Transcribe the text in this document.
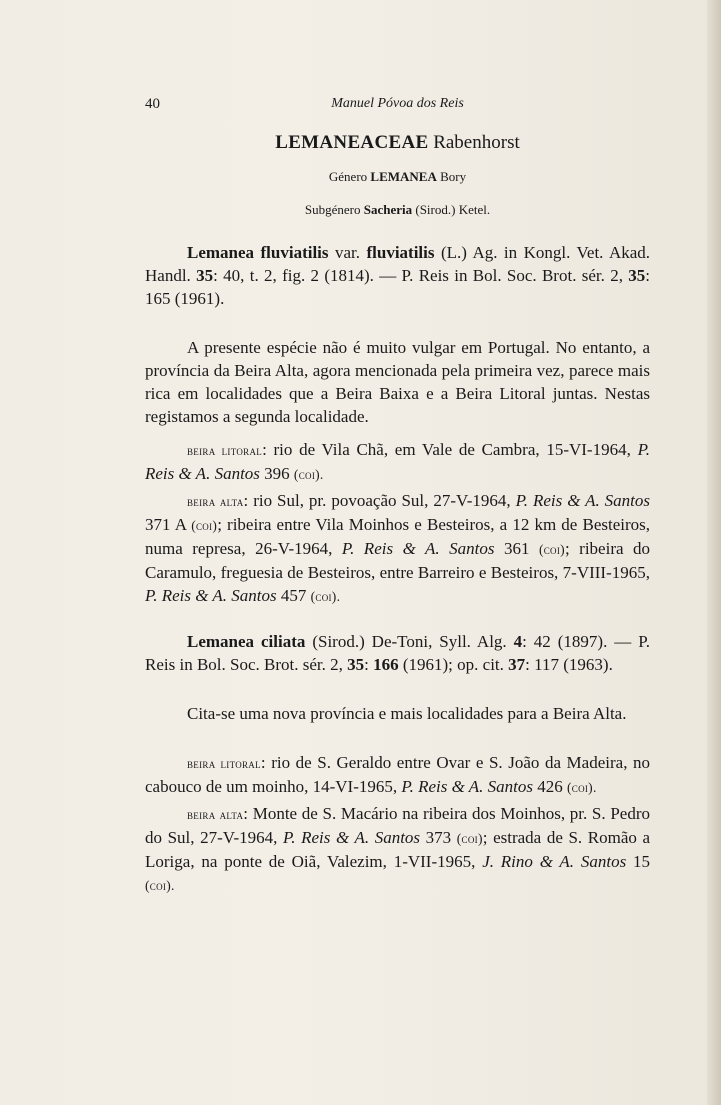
40	Manuel Póvoa dos Reis

LEMANEACEAE Rabenhorst

Género LEMANEA Bory

Subgénero Sacheria (Sirod.) Ketel.

Lemanea fluviatilis var. fluviatilis (L.) Ag. in Kongl. Vet. Akad. Handl. 35: 40, t. 2, fig. 2 (1814). — P. Reis in Bol. Soc. Brot. sér. 2, 35: 165 (1961).

A presente espécie não é muito vulgar em Portugal. No entanto, a província da Beira Alta, agora mencionada pela primeira vez, parece mais rica em localidades que a Beira Baixa e a Beira Litoral juntas. Nestas registamos a segunda localidade.

beira litoral: rio de Vila Chã, em Vale de Cambra, 15-VI-1964, P. Reis & A. Santos 396 (coi).

beira alta: rio Sul, pr. povoação Sul, 27-V-1964, P. Reis & A. Santos 371 A (coi); ribeira entre Vila Moinhos e Besteiros, a 12 km de Besteiros, numa represa, 26-V-1964, P. Reis & A. Santos 361 (coi); ribeira do Caramulo, freguesia de Besteiros, entre Barreiro e Besteiros, 7-VIII-1965, P. Reis & A. Santos 457 (coi).

Lemanea ciliata (Sirod.) De-Toni, Syll. Alg. 4: 42 (1897). — P. Reis in Bol. Soc. Brot. sér. 2, 35: 166 (1961); op. cit. 37: 117 (1963).

Cita-se uma nova província e mais localidades para a Beira Alta.

beira litoral: rio de S. Geraldo entre Ovar e S. João da Madeira, no cabouco de um moinho, 14-VI-1965, P. Reis & A. Santos 426 (coi).

beira alta: Monte de S. Macário na ribeira dos Moinhos, pr. S. Pedro do Sul, 27-V-1964, P. Reis & A. Santos 373 (coi); estrada de S. Romão a Loriga, na ponte de Oiã, Valezim, 1-VII-1965, J. Rino & A. Santos 15 (coi).
